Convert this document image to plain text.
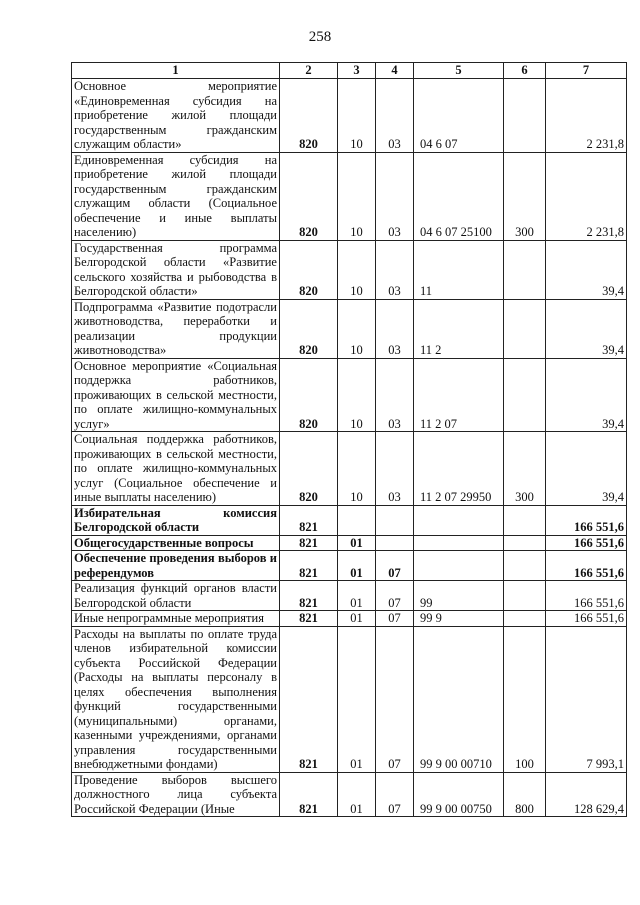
258
1	2	3	4	5	6	7
Основное мероприятие «Единовременная субсидия на приобретение жилой площади государственным гражданским служащим области»	820	10	03	04 6 07		2 231,8
Единовременная субсидия на приобретение жилой площади государственным гражданским служащим области (Социальное обеспечение и иные выплаты населению)	820	10	03	04 6 07 25100	300	2 231,8
Государственная программа Белгородской области «Развитие сельского хозяйства и рыбоводства в Белгородской области»	820	10	03	11		39,4
Подпрограмма «Развитие подотрасли животноводства, переработки и реализации продукции животноводства»	820	10	03	11 2		39,4
Основное мероприятие «Социальная поддержка работников, проживающих в сельской местности, по оплате жилищно-коммунальных услуг»	820	10	03	11 2 07		39,4
Социальная поддержка работников, проживающих в сельской местности, по оплате жилищно-коммунальных услуг (Социальное обеспечение и иные выплаты населению)	820	10	03	11 2 07 29950	300	39,4
Избирательная комиссия Белгородской области	821					166 551,6
Общегосударственные вопросы	821	01				166 551,6
Обеспечение проведения выборов и референдумов	821	01	07			166 551,6
Реализация функций органов власти Белгородской области	821	01	07	99		166 551,6
Иные непрограммные мероприятия	821	01	07	99 9		166 551,6
Расходы на выплаты по оплате труда членов избирательной комиссии субъекта Российской Федерации (Расходы на выплаты персоналу в целях обеспечения выполнения функций государственными (муниципальными) органами, казенными учреждениями, органами управления государственными внебюджетными фондами)	821	01	07	99 9 00 00710	100	7 993,1
Проведение выборов высшего должностного лица субъекта Российской Федерации (Иные	821	01	07	99 9 00 00750	800	128 629,4
